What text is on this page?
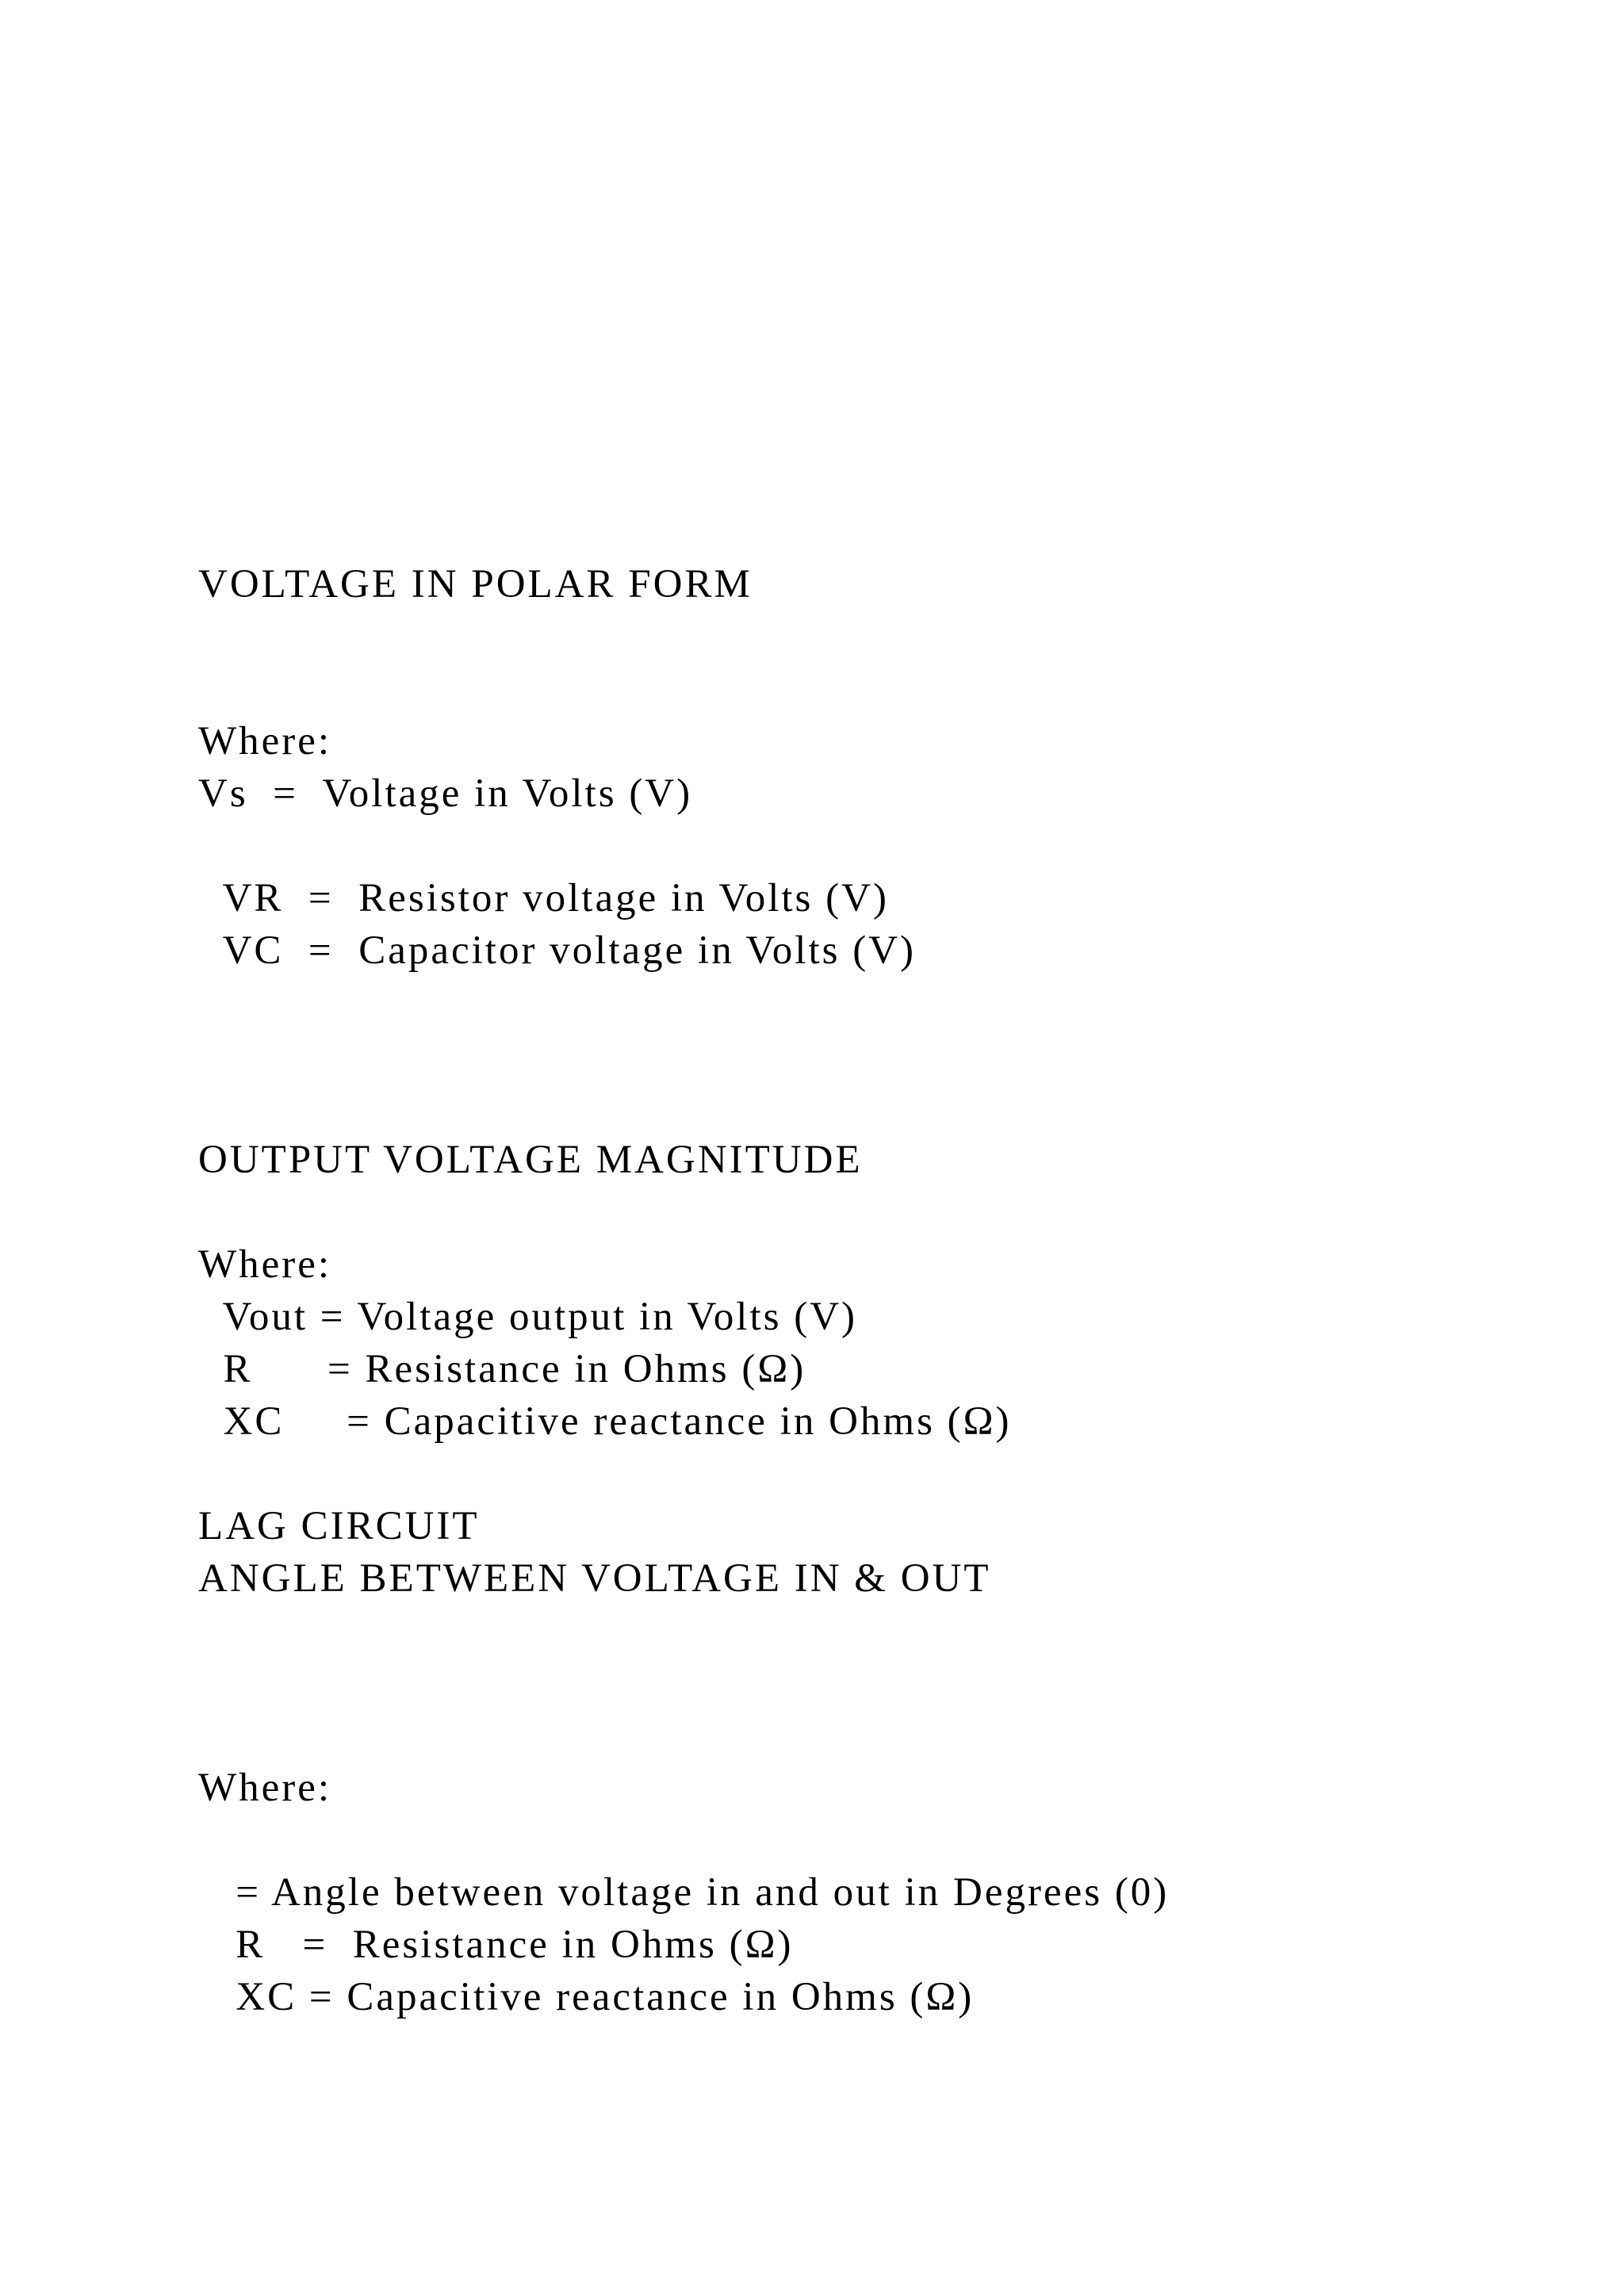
VOLTAGE IN POLAR FORM
Where:
Vs  =  Voltage in Volts (V)
VR  =  Resistor voltage in Volts (V)
VC  =  Capacitor voltage in Volts (V)
OUTPUT VOLTAGE MAGNITUDE
Where:
Vout = Voltage output in Volts (V)
R      = Resistance in Ohms (Ω)
XC     = Capacitive reactance in Ohms (Ω)
LAG CIRCUIT
ANGLE BETWEEN VOLTAGE IN & OUT
Where:
= Angle between voltage in and out in Degrees (0)
R   =  Resistance in Ohms (Ω)
XC = Capacitive reactance in Ohms (Ω)
